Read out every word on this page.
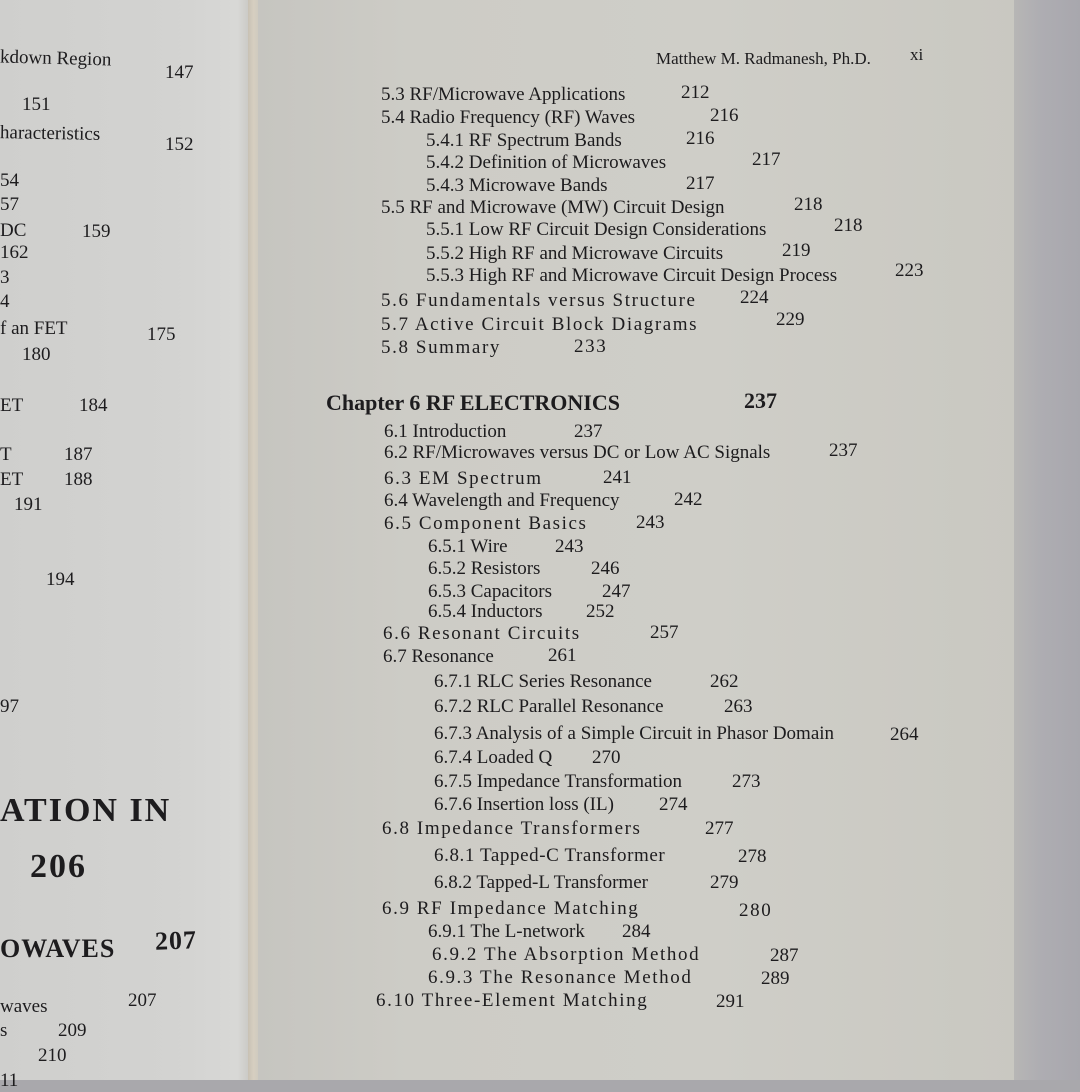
kdown Region
147
151
haracteristics	152
54
57
DC	159
162
3
4
f an FET	175
180
ET	184
T	187
ET 188
191
194
97
ATION IN
206
OWAVES 207
waves	207
s	209
210
11
Matthew M. Radmanesh, Ph.D. xi
5.3 RF/Microwave Applications	212
5.4 Radio Frequency (RF) Waves	216
5.4.1 RF Spectrum Bands	216
5.4.2 Definition of Microwaves	217
5.4.3 Microwave Bands	217
5.5 RF and Microwave (MW) Circuit Design	218
5.5.1 Low RF Circuit Design Considerations	218
5.5.2 High RF and Microwave Circuits	219
5.5.3 High RF and Microwave Circuit Design Process	223
5.6 Fundamentals versus Structure 224
5.7 Active Circuit Block Diagrams	229
5.8 Summary	233
Chapter 6 RF ELECTRONICS	237
6.1 Introduction	237
6.2 RF/Microwaves versus DC or Low AC Signals	237
6.3 EM Spectrum	241
6.4 Wavelength and Frequency	242
6.5 Component Basics	243
6.5.1 Wire 243
6.5.2 Resistors	246
6.5.3 Capacitors	247
6.5.4 Inductors 252
6.6 Resonant Circuits	257
6.7 Resonance	261
6.7.1 RLC Series Resonance	262
6.7.2 RLC Parallel Resonance	263
6.7.3 Analysis of a Simple Circuit in Phasor Domain	264
6.7.4 Loaded Q 270
6.7.5 Impedance Transformation	273
6.7.6 Insertion loss (IL) 274
6.8 Impedance Transformers	277
6.8.1 Tapped-C Transformer	278
6.8.2 Tapped-L Transformer	279
6.9 RF Impedance Matching	280
6.9.1 The L-network 284
6.9.2 The Absorption Method	287
6.9.3 The Resonance Method	289
6.10 Three-Element Matching	291
